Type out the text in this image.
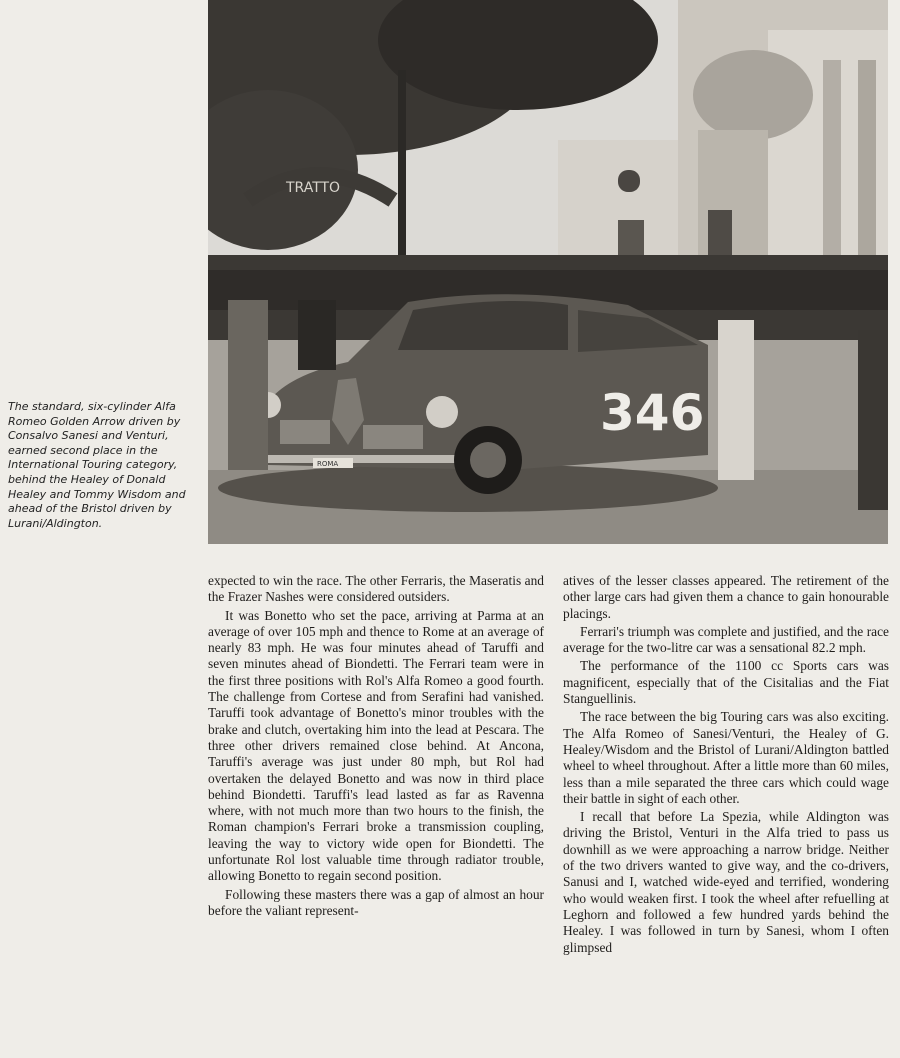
TRATTO
346
ROMA
The standard, six-cylinder Alfa Romeo Golden Arrow driven by Consalvo Sanesi and Venturi, earned second place in the International Touring category, behind the Healey of Donald Healey and Tommy Wisdom and ahead of the Bristol driven by Lurani/Aldington.

expected to win the race. The other Ferraris, the Maseratis and the Frazer Nashes were considered outsiders.

It was Bonetto who set the pace, arriving at Parma at an average of over 105 mph and thence to Rome at an average of nearly 83 mph. He was four minutes ahead of Taruffi and seven minutes ahead of Biondetti. The Ferrari team were in the first three positions with Rol's Alfa Romeo a good fourth. The challenge from Cortese and from Serafini had vanished. Taruffi took advantage of Bonetto's minor troubles with the brake and clutch, overtaking him into the lead at Pescara. The three other drivers remained close behind. At Ancona, Taruffi's average was just under 80 mph, but Rol had overtaken the delayed Bonetto and was now in third place behind Biondetti. Taruffi's lead lasted as far as Ravenna where, with not much more than two hours to the finish, the Roman champion's Ferrari broke a transmission coupling, leaving the way to victory wide open for Biondetti. The unfortunate Rol lost valuable time through radiator trouble, allowing Bonetto to regain second position.

Following these masters there was a gap of almost an hour before the valiant represent-

atives of the lesser classes appeared. The retirement of the other large cars had given them a chance to gain honourable placings.

Ferrari's triumph was complete and justified, and the race average for the two-litre car was a sensational 82.2 mph.

The performance of the 1100 cc Sports cars was magnificent, especially that of the Cisitalias and the Fiat Stanguellinis.

The race between the big Touring cars was also exciting. The Alfa Romeo of Sanesi/Venturi, the Healey of G. Healey/Wisdom and the Bristol of Lurani/Aldington battled wheel to wheel throughout. After a little more than 60 miles, less than a mile separated the three cars which could wage their battle in sight of each other.

I recall that before La Spezia, while Aldington was driving the Bristol, Venturi in the Alfa tried to pass us downhill as we were approaching a narrow bridge. Neither of the two drivers wanted to give way, and the co-drivers, Sanusi and I, watched wide-eyed and terrified, wondering who would weaken first. I took the wheel after refuelling at Leghorn and followed a few hundred yards behind the Healey. I was followed in turn by Sanesi, whom I often glimpsed
